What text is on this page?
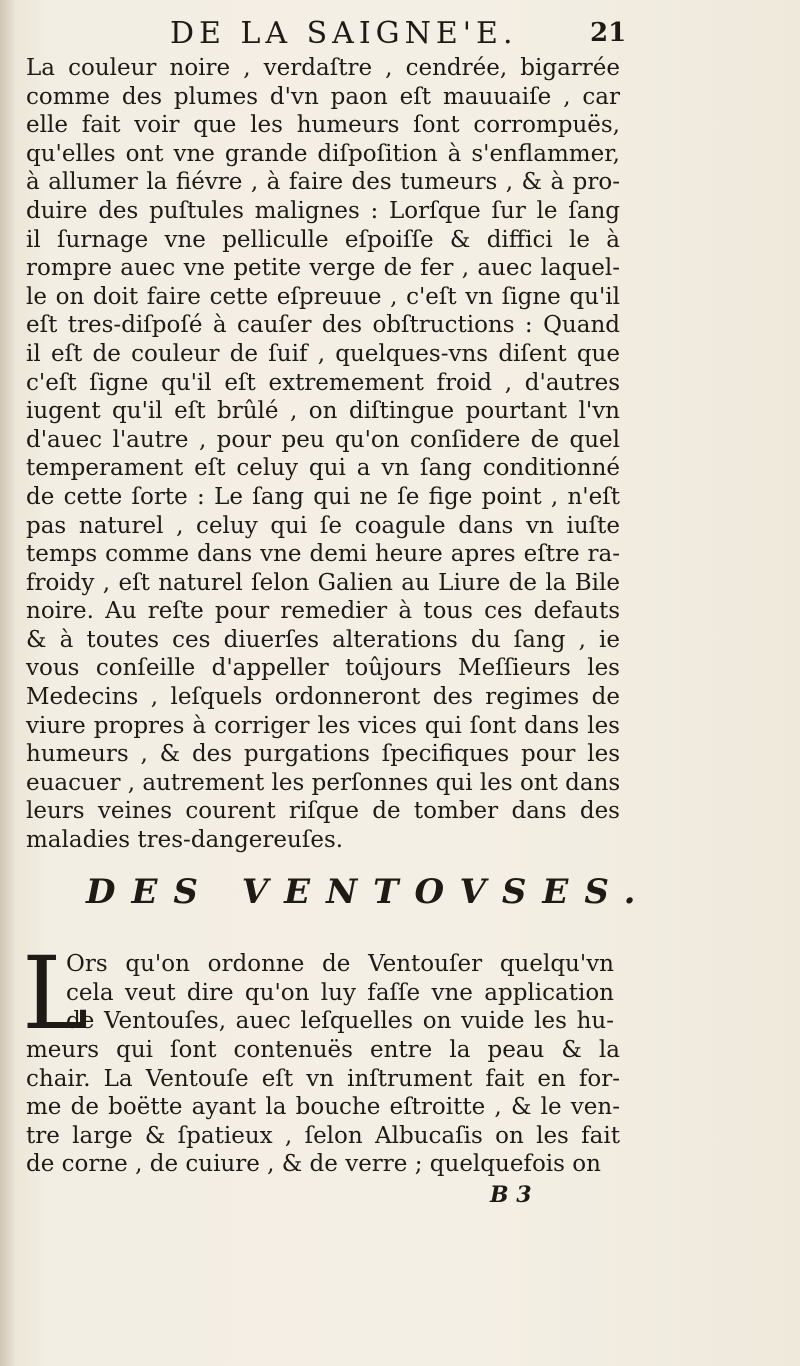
DE LA SAIGNE'E.	21
La couleur noire , verdaſtre , cendrée, bigarrée
comme des plumes d'vn paon eſt mauuaiſe , car
elle fait voir que les humeurs ſont corrompuës,
qu'elles ont vne grande diſpoſition à s'enflammer,
à allumer la fiévre , à faire des tumeurs , & à pro-
duire des puſtules malignes : Lorſque ſur le ſang
il ſurnage vne pelliculle eſpoiſſe & diffici le à
rompre auec vne petite verge de fer , auec laquel-
le on doit faire cette eſpreuue , c'eſt vn ſigne qu'il
eſt tres-diſpoſé à cauſer des obſtructions : Quand
il eſt de couleur de ſuif , quelques-vns diſent que
c'eſt ſigne qu'il eſt extremement froid , d'autres
iugent qu'il eſt brûlé , on diſtingue pourtant l'vn
d'auec l'autre , pour peu qu'on conſidere de quel
temperament eſt celuy qui a vn ſang conditionné
de cette ſorte : Le ſang qui ne ſe fige point , n'eſt
pas naturel , celuy qui ſe coagule dans vn iuſte
temps comme dans vne demi heure apres eſtre ra-
froidy , eſt naturel ſelon Galien au Liure de la Bile
noire. Au reſte pour remedier à tous ces defauts
& à toutes ces diuerſes alterations du ſang , ie
vous conſeille d'appeller toûjours Meſſieurs les
Medecins , leſquels ordonneront des regimes de
viure propres à corriger les vices qui ſont dans les
humeurs , & des purgations ſpecifiques pour les
euacuer , autrement les perſonnes qui les ont dans
leurs veines courent riſque de tomber dans des
maladies tres-dangereuſes.
DES VENTOVSES.
L
Ors qu'on ordonne de Ventouſer quelqu'vn
cela veut dire qu'on luy faſſe vne application
de Ventouſes, auec leſquelles on vuide les hu-
meurs qui ſont contenuës entre la peau & la
chair. La Ventouſe eſt vn inſtrument fait en for-
me de boëtte ayant la bouche eſtroitte , & le ven-
tre large & ſpatieux , ſelon Albucaſis on les fait
de corne , de cuiure , & de verre ; quelquefois on
B 3
